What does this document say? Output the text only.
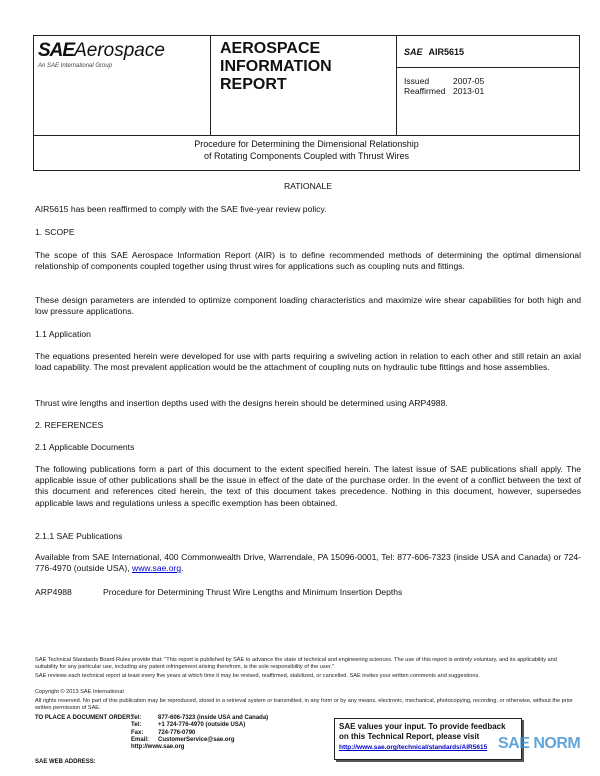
SAEAerospace
An SAE International Group
AEROSPACE
INFORMATION
REPORT
SAE AIR5615
Issued	2007-05
Reaffirmed 2013-01
Procedure for Determining the Dimensional Relationship
of Rotating Components Coupled with Thrust Wires
RATIONALE
AIR5615 has been reaffirmed to comply with the SAE five-year review policy.
1. SCOPE
The scope of this SAE Aerospace Information Report (AIR) is to define recommended methods of determining the optimal dimensional relationship of components coupled together using thrust wires for applications such as coupling nuts and fittings.
These design parameters are intended to optimize component loading characteristics and maximize wire shear capabilities for both high and low pressure applications.
1.1 Application
The equations presented herein were developed for use with parts requiring a swiveling action in relation to each other and still retain an axial load capability. The most prevalent application would be the attachment of coupling nuts on hydraulic tube fittings and hose assemblies.
Thrust wire lengths and insertion depths used with the designs herein should be determined using ARP4988.
2. REFERENCES
2.1 Applicable Documents
The following publications form a part of this document to the extent specified herein. The latest issue of SAE publications shall apply. The applicable issue of other publications shall be the issue in effect of the date of the purchase order. In the event of a conflict between the text of this document and references cited herein, the text of this document takes precedence. Nothing in this document, however, supersedes applicable laws and regulations unless a specific exemption has been obtained.
2.1.1 SAE Publications
Available from SAE International, 400 Commonwealth Drive, Warrendale, PA 15096-0001, Tel: 877-606-7323 (inside USA and Canada) or 724-776-4970 (outside USA), www.sae.org.
ARP4988	Procedure for Determining Thrust Wire Lengths and Minimum Insertion Depths
SAE Technical Standards Board Rules provide that: "This report is published by SAE to advance the state of technical and engineering sciences. The use of this report is entirely voluntary, and its applicability and suitability for any particular use, including any patent infringement arising therefrom, is the sole responsibility of the user."
SAE reviews each technical report at least every five years at which time it may be revised, reaffirmed, stabilized, or cancelled. SAE invites your written comments and suggestions.
Copyright © 2013 SAE International
All rights reserved. No part of this publication may be reproduced, stored in a retrieval system or transmitted, in any form or by any means, electronic, mechanical, photocopying, recording, or otherwise, without the prior written permission of SAE.
TO PLACE A DOCUMENT ORDER:
SAE WEB ADDRESS:
Tel:	877-606-7323 (inside USA and Canada)
Tel:	+1 724-776-4970 (outside USA)
Fax: 724-776-0790
Email: CustomerService@sae.org
http://www.sae.org
SAE values your input. To provide feedback
on this Technical Report, please visit
http://www.sae.org/technical/standards/AIR5615 SAE NORM
